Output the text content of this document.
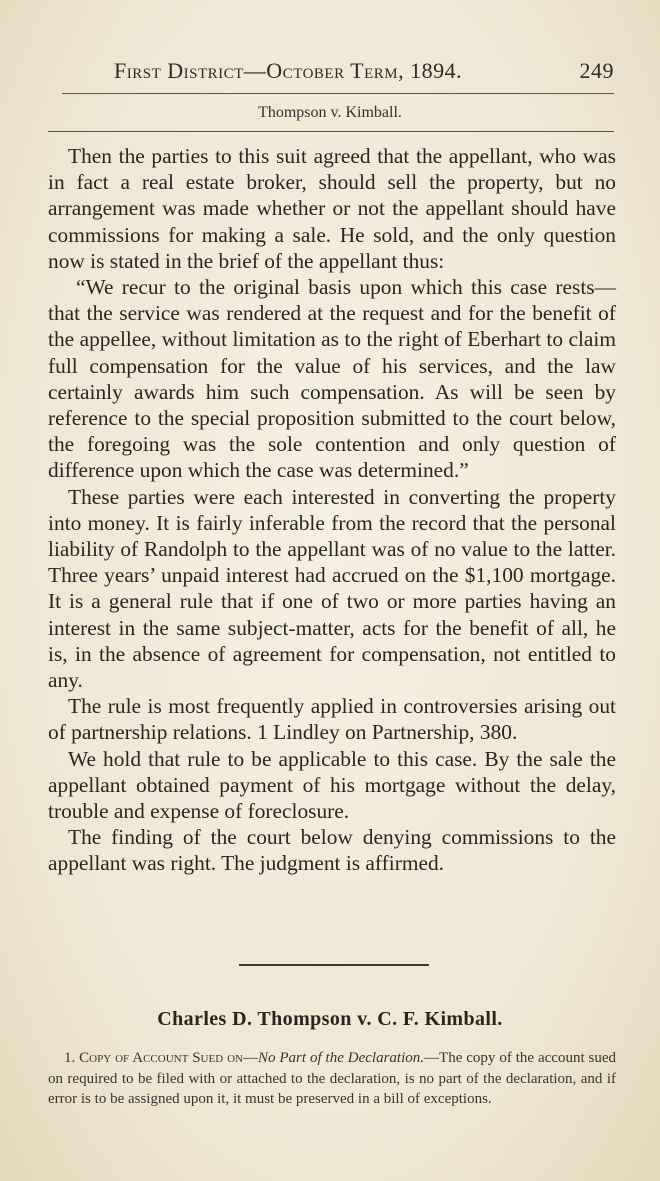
First District—October Term, 1894.	249
Thompson v. Kimball.

Then the parties to this suit agreed that the appellant, who was in fact a real estate broker, should sell the property, but no arrangement was made whether or not the appellant should have commissions for making a sale. He sold, and the only question now is stated in the brief of the appellant thus:

“We recur to the original basis upon which this case rests—that the service was rendered at the request and for the benefit of the appellee, without limitation as to the right of Eberhart to claim full compensation for the value of his services, and the law certainly awards him such compensation. As will be seen by reference to the special proposition submitted to the court below, the foregoing was the sole contention and only question of difference upon which the case was determined.”

These parties were each interested in converting the property into money. It is fairly inferable from the record that the personal liability of Randolph to the appellant was of no value to the latter. Three years’ unpaid interest had accrued on the $1,100 mortgage. It is a general rule that if one of two or more parties having an interest in the same subject-matter, acts for the benefit of all, he is, in the absence of agreement for compensation, not entitled to any.

The rule is most frequently applied in controversies arising out of partnership relations. 1 Lindley on Partnership, 380.

We hold that rule to be applicable to this case. By the sale the appellant obtained payment of his mortgage without the delay, trouble and expense of foreclosure.

The finding of the court below denying commissions to the appellant was right. The judgment is affirmed.

Charles D. Thompson v. C. F. Kimball.

1. Copy of Account Sued on—No Part of the Declaration.—The copy of the account sued on required to be filed with or attached to the declaration, is no part of the declaration, and if error is to be assigned upon it, it must be preserved in a bill of exceptions.
